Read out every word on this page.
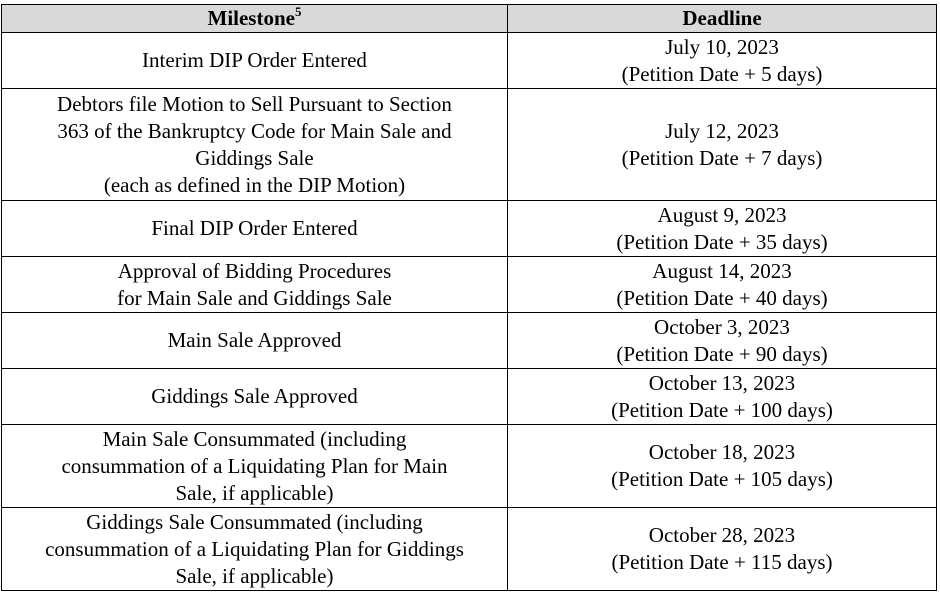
Milestone$^5$	Deadline

Interim DIP Order Entered	July 10, 2023
(Petition Date + 5 days)

Debtors file Motion to Sell Pursuant to Section
363 of the Bankruptcy Code for Main Sale and
Giddings Sale
(each as defined in the DIP Motion)	July 12, 2023
(Petition Date + 7 days)

Final DIP Order Entered	August 9, 2023
(Petition Date + 35 days)

Approval of Bidding Procedures
for Main Sale and Giddings Sale	August 14, 2023
(Petition Date + 40 days)

Main Sale Approved	October 3, 2023
(Petition Date + 90 days)

Giddings Sale Approved	October 13, 2023
(Petition Date + 100 days)

Main Sale Consummated (including
consummation of a Liquidating Plan for Main
Sale, if applicable)	October 18, 2023
(Petition Date + 105 days)

Giddings Sale Consummated (including
consummation of a Liquidating Plan for Giddings
Sale, if applicable)	October 28, 2023
(Petition Date + 115 days)
